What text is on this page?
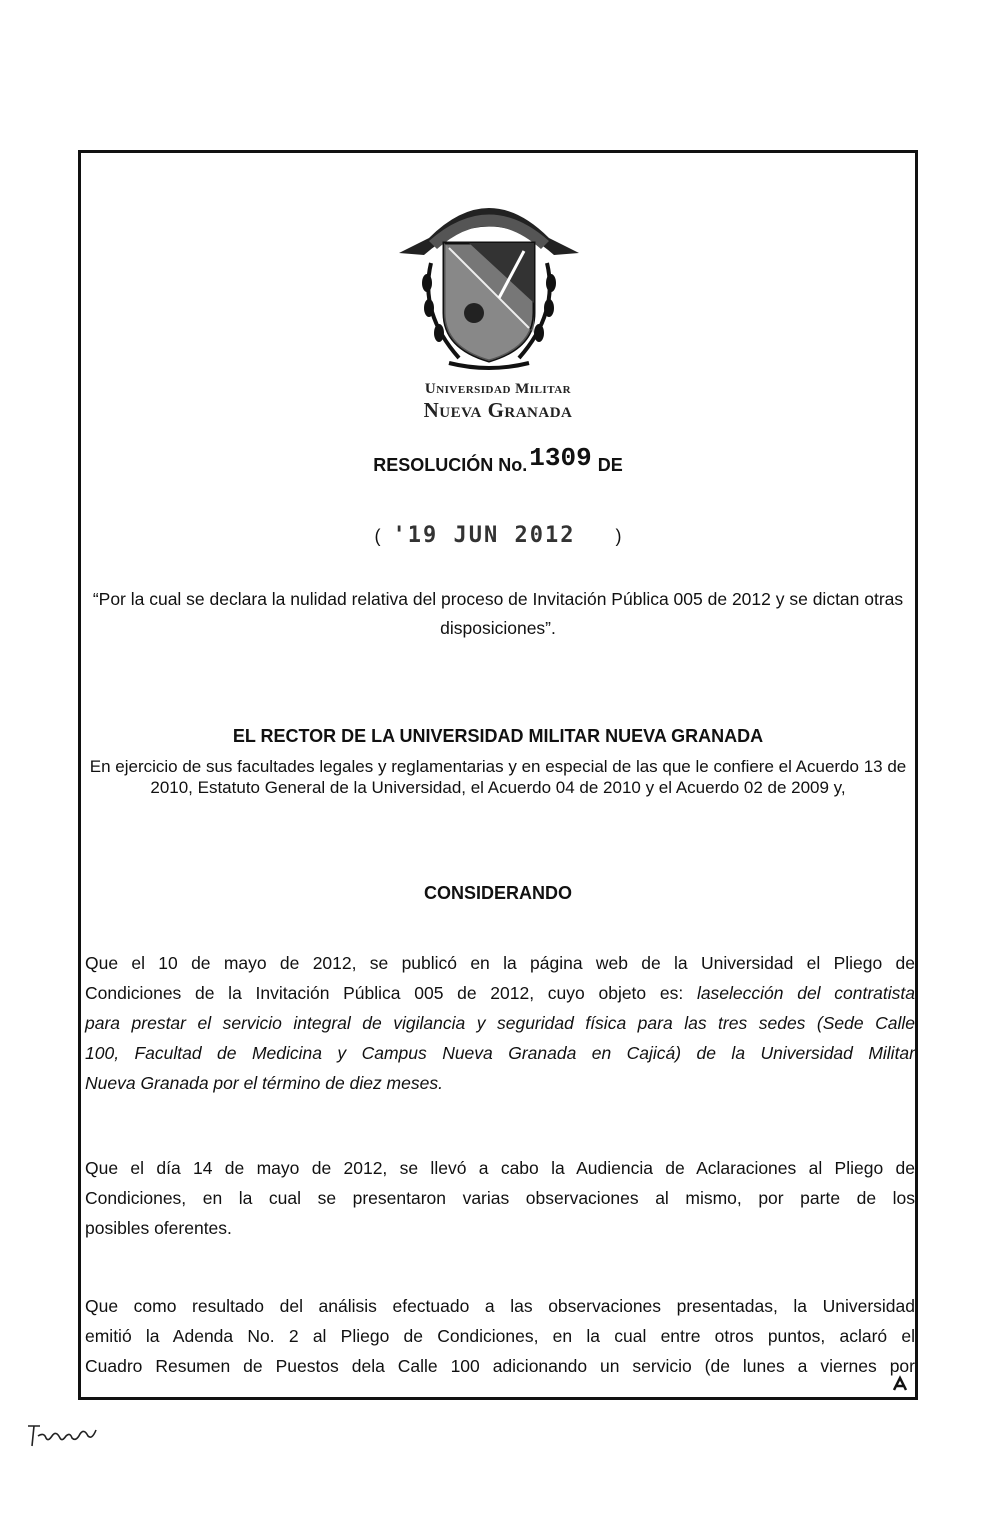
Universidad Militar
Nueva Granada
RESOLUCIÓN No.1309 DE
( '19 JUN 2012 )
“Por la cual se declara la nulidad relativa del proceso de Invitación Pública 005 de 2012 y se dictan otras disposiciones”.
EL RECTOR DE LA UNIVERSIDAD MILITAR NUEVA GRANADA
En ejercicio de sus facultades legales y reglamentarias y en especial de las que le confiere el Acuerdo 13 de 2010, Estatuto General de la Universidad, el Acuerdo 04 de 2010 y el Acuerdo 02 de 2009 y,
CONSIDERANDO
Que el 10 de mayo de 2012, se publicó en la página web de la Universidad el Pliego de
Condiciones de la Invitación Pública 005 de 2012, cuyo objeto es: laselección del contratista
para prestar el servicio integral de vigilancia y seguridad física para las tres sedes (Sede Calle
100, Facultad de Medicina y Campus Nueva Granada en Cajicá) de la Universidad Militar
Nueva Granada por el término de diez meses.
Que el día 14 de mayo de 2012, se llevó a cabo la Audiencia de Aclaraciones al Pliego de
Condiciones, en la cual se presentaron varias observaciones al mismo, por parte de los
posibles oferentes.
Que como resultado del análisis efectuado a las observaciones presentadas, la Universidad
emitió la Adenda No. 2 al Pliego de Condiciones, en la cual entre otros puntos, aclaró el
Cuadro Resumen de Puestos dela Calle 100 adicionando un servicio (de lunes a viernes por
